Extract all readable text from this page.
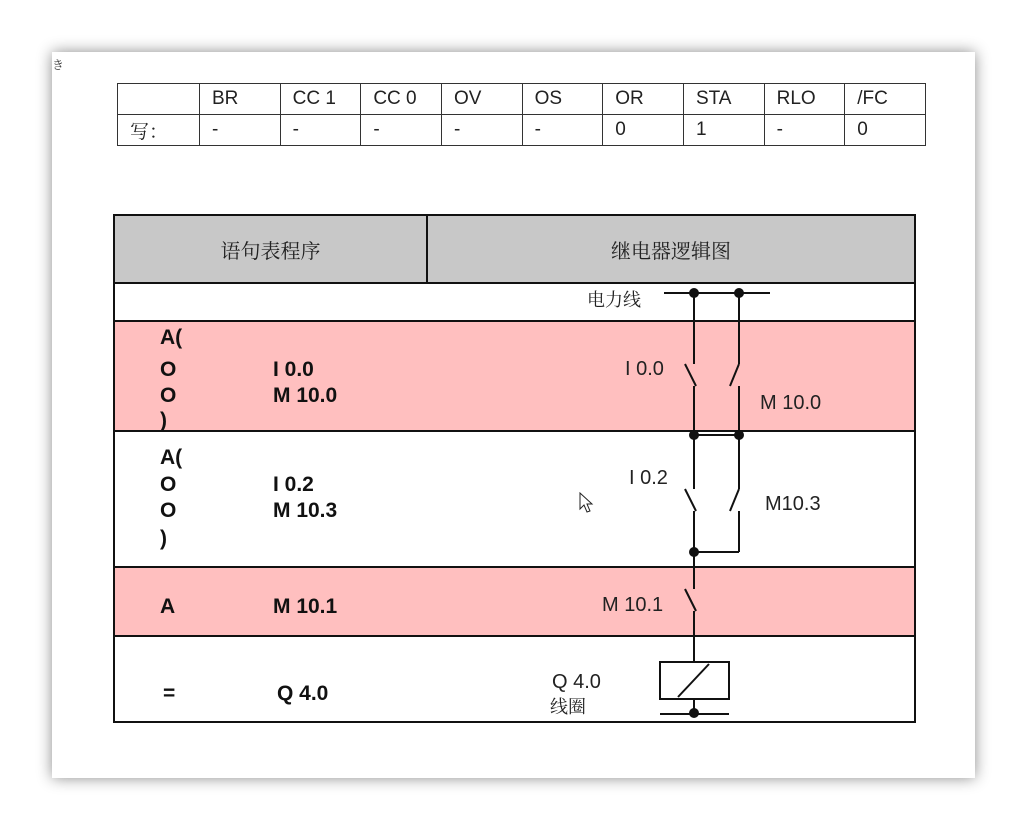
き
	BR	CC 1	CC 0	OV	OS	OR	STA	RLO	/FC
写：	-	-	-	-	-	0	1	-	0
语句表程序	继电器逻辑图
A(
O	I 0.0
O	M 10.0
)
A(
O	I 0.2
O	M 10.3
)
A	M 10.1
=	Q 4.0
电力线
I 0.0
M 10.0
I 0.2
M10.3
M 10.1
Q 4.0
线圈
